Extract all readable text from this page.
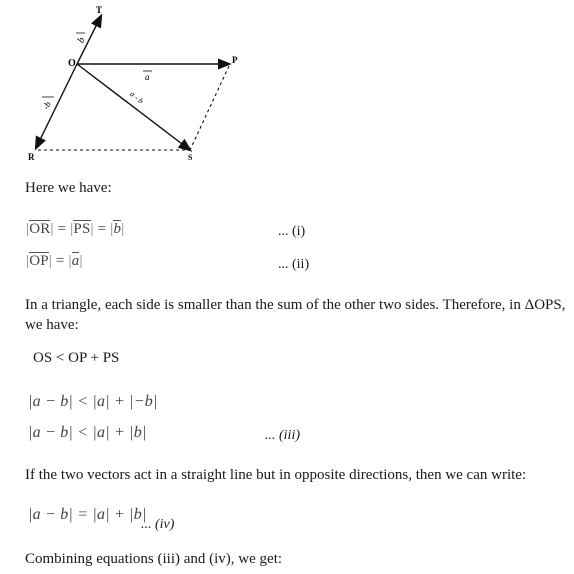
T
O	P
R	S
b
-b
a
a - b
Here we have:
|OR| = |PS| = |b|	... (i)
|OP| = |a|	... (ii)
In a triangle, each side is smaller than the sum of the other two sides. Therefore, in ΔOPS,
we have:
OS < OP + PS
|a − b| < |a| + |−b|
|a − b| < |a| + |b|	... (iii)
If the two vectors act in a straight line but in opposite directions, then we can write:
|a − b| = |a| + |b|
... (iv)
Combining equations (iii) and (iv), we get:
